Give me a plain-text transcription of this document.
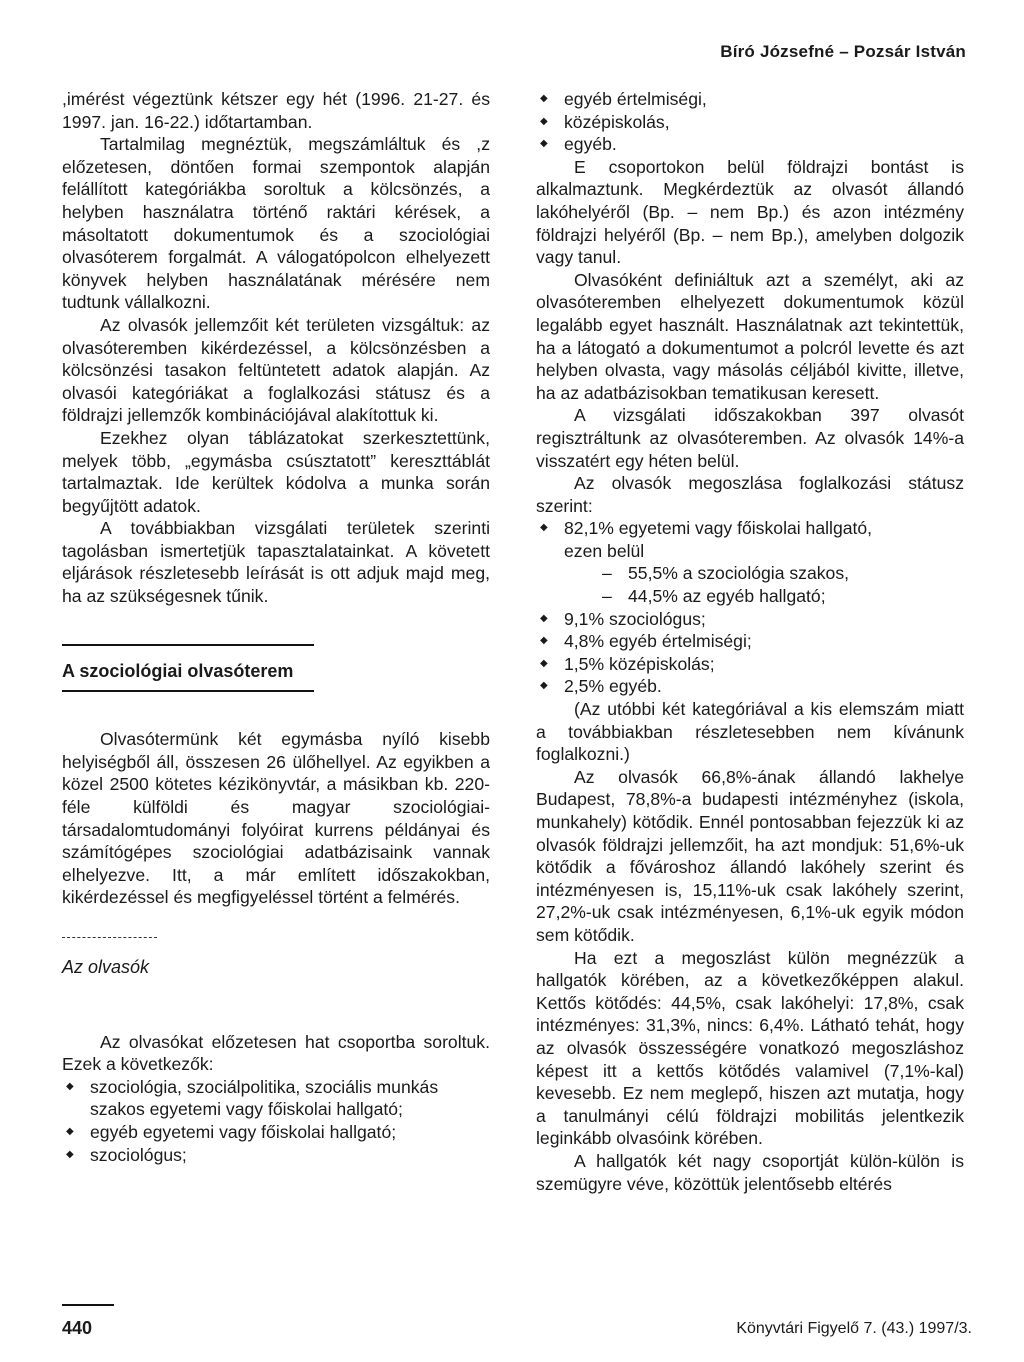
Bíró Józsefné – Pozsár István

,imérést végeztünk kétszer egy hét (1996. 21-27. és 1997. jan. 16-22.) időtartamban.

Tartalmilag megnéztük, megszámláltuk és ,z előzetesen, döntően formai szempontok alapján felállított kategóriákba soroltuk a kölcsönzés, a helyben használatra történő raktári kérések, a másoltatott dokumentumok és a szociológiai olvasóterem forgalmát. A válogatópolcon elhelyezett könyvek helyben használatának mérésére nem tudtunk vállalkozni.

Az olvasók jellemzőit két területen vizsgáltuk: az olvasóteremben kikérdezéssel, a kölcsönzésben a kölcsönzési tasakon feltüntetett adatok alapján. Az olvasói kategóriákat a foglalkozási státusz és a földrajzi jellemzők kombinációjával alakítottuk ki.

Ezekhez olyan táblázatokat szerkesztettünk, melyek több, „egymásba csúsztatott” kereszttáblát tartalmaztak. Ide kerültek kódolva a munka során begyűjtött adatok.

A továbbiakban vizsgálati területek szerinti tagolásban ismertetjük tapasztalatainkat. A követett eljárások részletesebb leírását is ott adjuk majd meg, ha az szükségesnek tűnik.

A szociológiai olvasóterem

Olvasótermünk két egymásba nyíló kisebb helyiségből áll, összesen 26 ülőhellyel. Az egyikben a közel 2500 kötetes kézikönyvtár, a másikban kb. 220-féle külföldi és magyar szociológiai-társadalomtudományi folyóirat kurrens példányai és számítógépes szociológiai adatbázisaink vannak elhelyezve. Itt, a már említett időszakokban, kikérdezéssel és megfigyeléssel történt a felmérés.

Az olvasók

Az olvasókat előzetesen hat csoportba soroltuk. Ezek a következők:

◆ szociológia, szociálpolitika, szociális munkás szakos egyetemi vagy főiskolai hallgató;
◆ egyéb egyetemi vagy főiskolai hallgató;
◆ szociológus;
◆ egyéb értelmiségi,
◆ középiskolás,
◆ egyéb.

E csoportokon belül földrajzi bontást is alkalmaztunk. Megkérdeztük az olvasót állandó lakóhelyéről (Bp. – nem Bp.) és azon intézmény földrajzi helyéről (Bp. – nem Bp.), amelyben dolgozik vagy tanul.

Olvasóként definiáltuk azt a személyt, aki az olvasóteremben elhelyezett dokumentumok közül legalább egyet használt. Használatnak azt tekintettük, ha a látogató a dokumentumot a polcról levette és azt helyben olvasta, vagy másolás céljából kivitte, illetve, ha az adatbázisokban tematikusan keresett.

A vizsgálati időszakokban 397 olvasót regisztráltunk az olvasóteremben. Az olvasók 14%-a visszatért egy héten belül.

Az olvasók megoszlása foglalkozási státusz szerint:

◆ 82,1% egyetemi vagy főiskolai hallgató,
ezen belül
– 55,5% a szociológia szakos,
– 44,5% az egyéb hallgató;
◆ 9,1% szociológus;
◆ 4,8% egyéb értelmiségi;
◆ 1,5% középiskolás;
◆ 2,5% egyéb.

(Az utóbbi két kategóriával a kis elemszám miatt a továbbiakban részletesebben nem kívánunk foglalkozni.)

Az olvasók 66,8%-ának állandó lakhelye Budapest, 78,8%-a budapesti intézményhez (iskola, munkahely) kötődik. Ennél pontosabban fejezzük ki az olvasók földrajzi jellemzőit, ha azt mondjuk: 51,6%-uk kötődik a fővároshoz állandó lakóhely szerint és intézményesen is, 15,11%-uk csak lakóhely szerint, 27,2%-uk csak intézményesen, 6,1%-uk egyik módon sem kötődik.

Ha ezt a megoszlást külön megnézzük a hallgatók körében, az a következőképpen alakul. Kettős kötődés: 44,5%, csak lakóhelyi: 17,8%, csak intézményes: 31,3%, nincs: 6,4%. Látható tehát, hogy az olvasók összességére vonatkozó megoszláshoz képest itt a kettős kötődés valamivel (7,1%-kal) kevesebb. Ez nem meglepő, hiszen azt mutatja, hogy a tanulmányi célú földrajzi mobilitás jelentkezik leginkább olvasóink körében.

A hallgatók két nagy csoportját külön-külön is szemügyre véve, közöttük jelentősebb eltérés

440	Könyvtári Figyelő 7. (43.) 1997/3.
